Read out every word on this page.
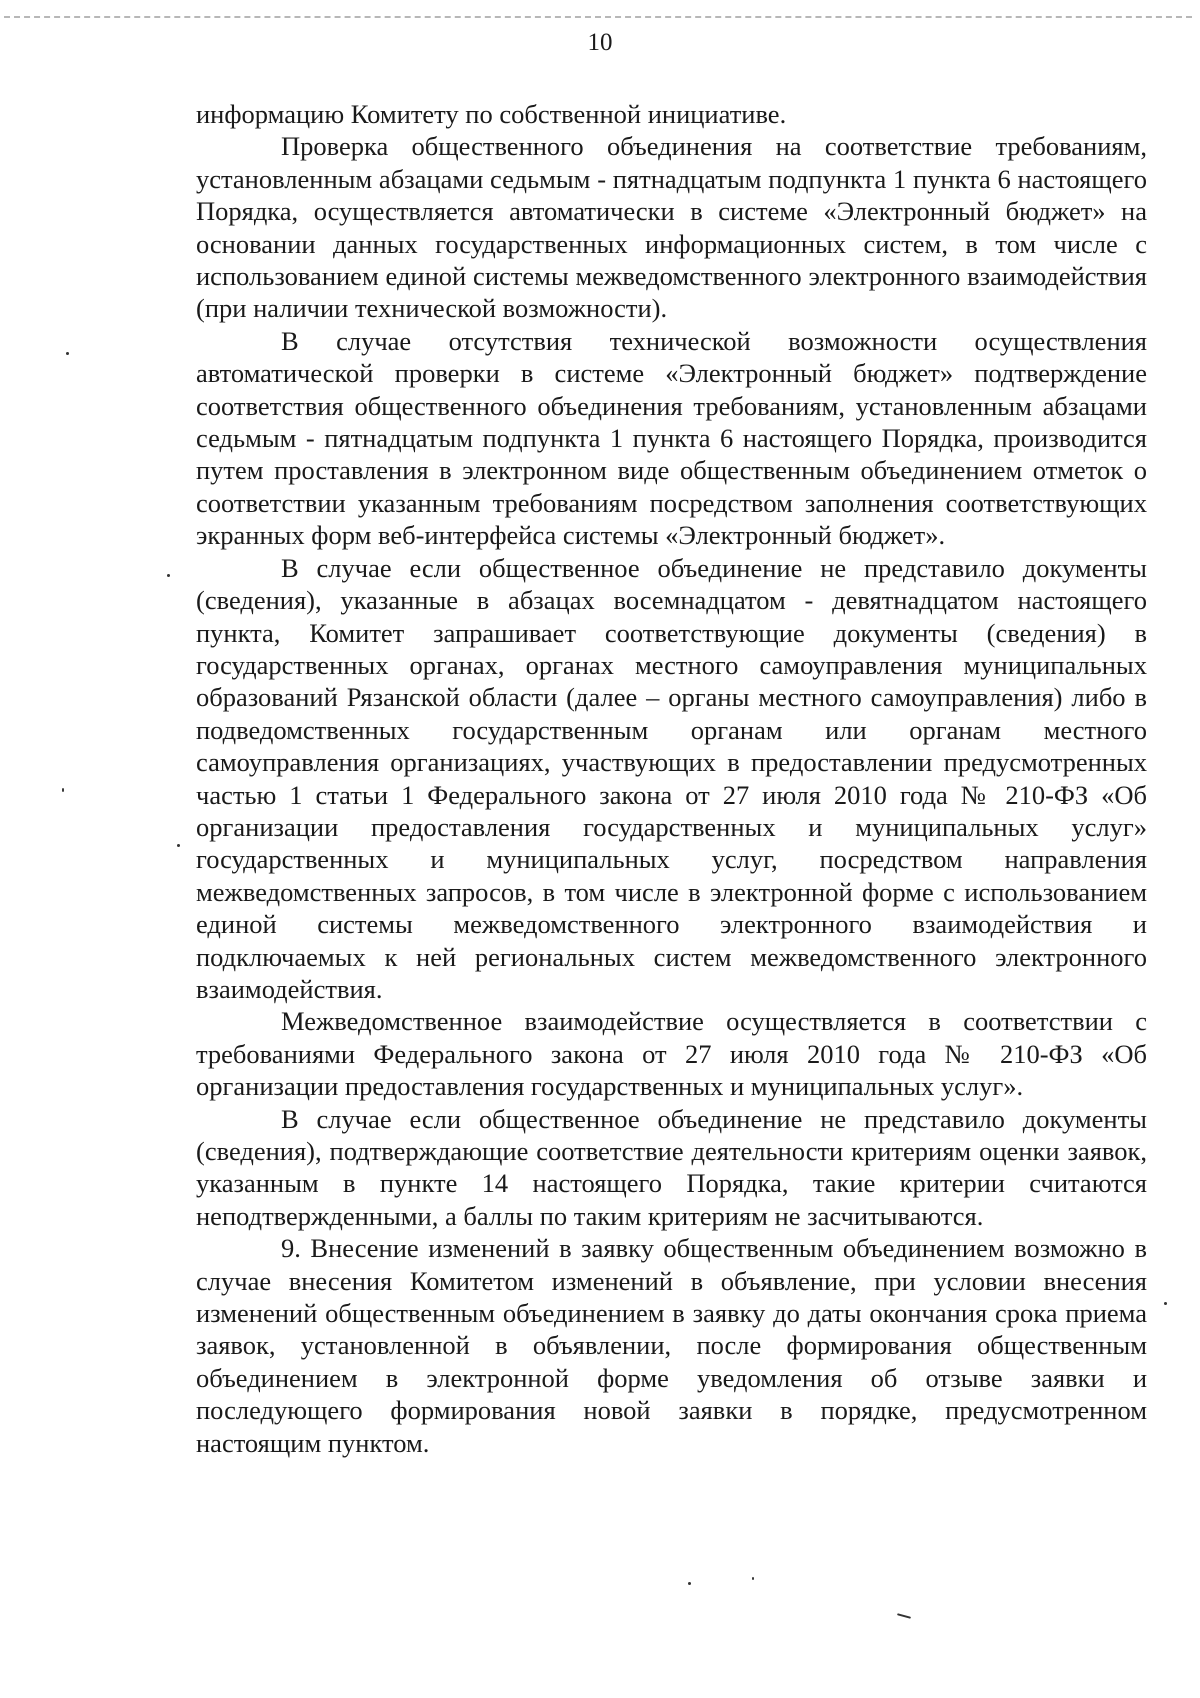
10

информацию Комитету по собственной инициативе.

Проверка общественного объединения на соответствие требованиям, установленным абзацами седьмым - пятнадцатым подпункта 1 пункта 6 настоящего Порядка, осуществляется автоматически в системе «Электронный бюджет» на основании данных государственных информационных систем, в том числе с использованием единой системы межведомственного электронного взаимодействия (при наличии технической возможности).

В случае отсутствия технической возможности осуществления автоматической проверки в системе «Электронный бюджет» подтверждение соответствия общественного объединения требованиям, установленным абзацами седьмым - пятнадцатым подпункта 1 пункта 6 настоящего Порядка, производится путем проставления в электронном виде общественным объединением отметок о соответствии указанным требованиям посредством заполнения соответствующих экранных форм веб-интерфейса системы «Электронный бюджет».

В случае если общественное объединение не представило документы (сведения), указанные в абзацах восемнадцатом - девятнадцатом настоящего пункта, Комитет запрашивает соответствующие документы (сведения) в государственных органах, органах местного самоуправления муниципальных образований Рязанской области (далее – органы местного самоуправления) либо в подведомственных государственным органам или органам местного самоуправления организациях, участвующих в предоставлении предусмотренных частью 1 статьи 1 Федерального закона от 27 июля 2010 года № 210-ФЗ «Об организации предоставления государственных и муниципальных услуг» государственных и муниципальных услуг, посредством направления межведомственных запросов, в том числе в электронной форме с использованием единой системы межведомственного электронного взаимодействия и подключаемых к ней региональных систем межведомственного электронного взаимодействия.

Межведомственное взаимодействие осуществляется в соответствии с требованиями Федерального закона от 27 июля 2010 года № 210-ФЗ «Об организации предоставления государственных и муниципальных услуг».

В случае если общественное объединение не представило документы (сведения), подтверждающие соответствие деятельности критериям оценки заявок, указанным в пункте 14 настоящего Порядка, такие критерии считаются неподтвержденными, а баллы по таким критериям не засчитываются.

9. Внесение изменений в заявку общественным объединением возможно в случае внесения Комитетом изменений в объявление, при условии внесения изменений общественным объединением в заявку до даты окончания срока приема заявок, установленной в объявлении, после формирования общественным объединением в электронной форме уведомления об отзыве заявки и последующего формирования новой заявки в порядке, предусмотренном настоящим пунктом.
